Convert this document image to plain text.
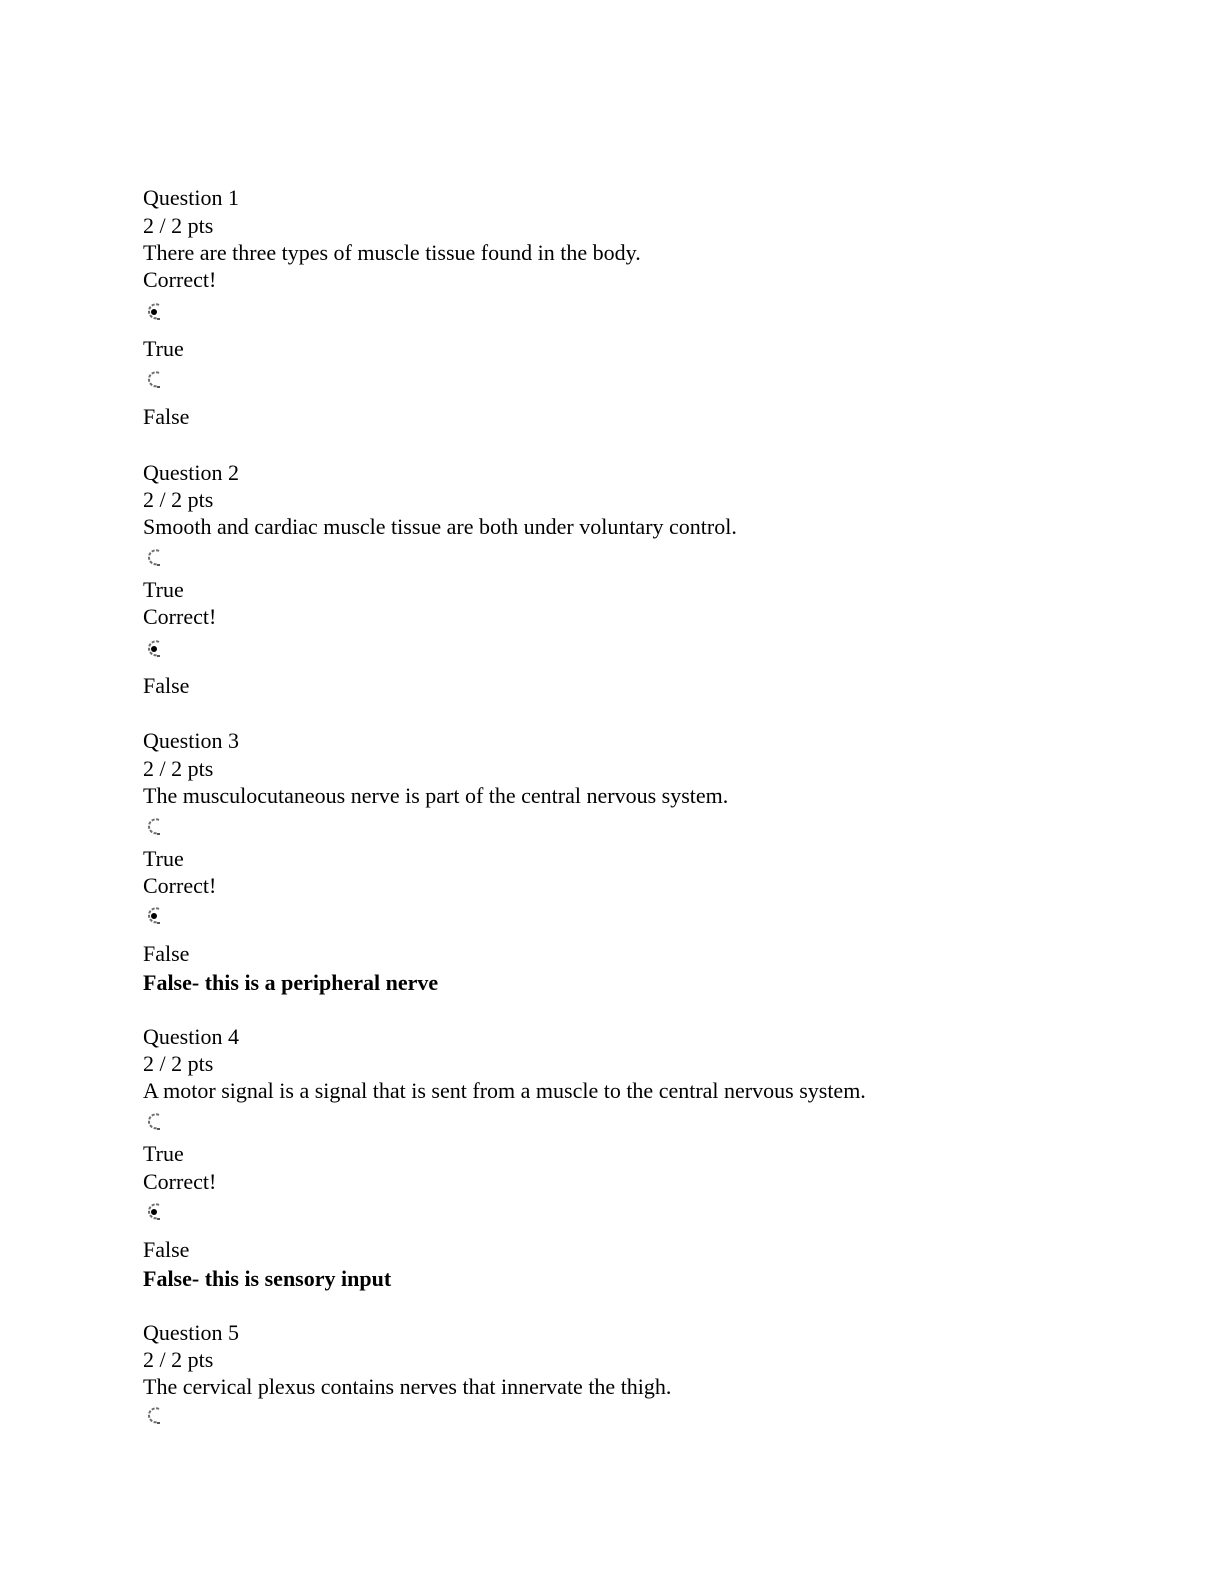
Question 1
2 / 2 pts
There are three types of muscle tissue found in the body.
Correct!
True
False
Question 2
2 / 2 pts
Smooth and cardiac muscle tissue are both under voluntary control.
True
Correct!
False
Question 3
2 / 2 pts
The musculocutaneous nerve is part of the central nervous system.
True
Correct!
False
False- this is a peripheral nerve
Question 4
2 / 2 pts
A motor signal is a signal that is sent from a muscle to the central nervous system.
True
Correct!
False
False- this is sensory input
Question 5
2 / 2 pts
The cervical plexus contains nerves that innervate the thigh.
